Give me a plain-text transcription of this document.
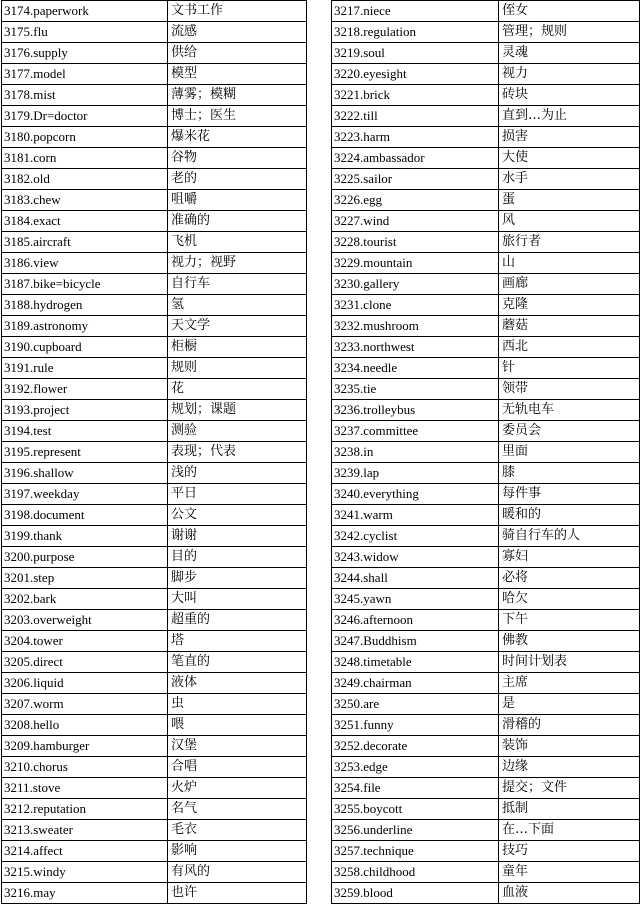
3174.paperwork	文书工作
3175.flu	流感
3176.supply	供给
3177.model	模型
3178.mist	薄雾；模糊
3179.Dr=doctor	博士；医生
3180.popcorn	爆米花
3181.corn	谷物
3182.old	老的
3183.chew	咀嚼
3184.exact	准确的
3185.aircraft	飞机
3186.view	视力；视野
3187.bike=bicycle	自行车
3188.hydrogen	氢
3189.astronomy	天文学
3190.cupboard	柜橱
3191.rule	规则
3192.flower	花
3193.project	规划；课题
3194.test	测验
3195.represent	表现；代表
3196.shallow	浅的
3197.weekday	平日
3198.document	公文
3199.thank	谢谢
3200.purpose	目的
3201.step	脚步
3202.bark	大叫
3203.overweight	超重的
3204.tower	塔
3205.direct	笔直的
3206.liquid	液体
3207.worm	虫
3208.hello	喂
3209.hamburger	汉堡
3210.chorus	合唱
3211.stove	火炉
3212.reputation	名气
3213.sweater	毛衣
3214.affect	影响
3215.windy	有风的
3216.may	也许
3217.niece	侄女
3218.regulation	管理；规则
3219.soul	灵魂
3220.eyesight	视力
3221.brick	砖块
3222.till	直到…为止
3223.harm	损害
3224.ambassador	大使
3225.sailor	水手
3226.egg	蛋
3227.wind	风
3228.tourist	旅行者
3229.mountain	山
3230.gallery	画廊
3231.clone	克隆
3232.mushroom	蘑菇
3233.northwest	西北
3234.needle	针
3235.tie	领带
3236.trolleybus	无轨电车
3237.committee	委员会
3238.in	里面
3239.lap	膝
3240.everything	每件事
3241.warm	暖和的
3242.cyclist	骑自行车的人
3243.widow	寡妇
3244.shall	必将
3245.yawn	哈欠
3246.afternoon	下午
3247.Buddhism	佛教
3248.timetable	时间计划表
3249.chairman	主席
3250.are	是
3251.funny	滑稽的
3252.decorate	装饰
3253.edge	边缘
3254.file	提交；文件
3255.boycott	抵制
3256.underline	在…下面
3257.technique	技巧
3258.childhood	童年
3259.blood	血液
